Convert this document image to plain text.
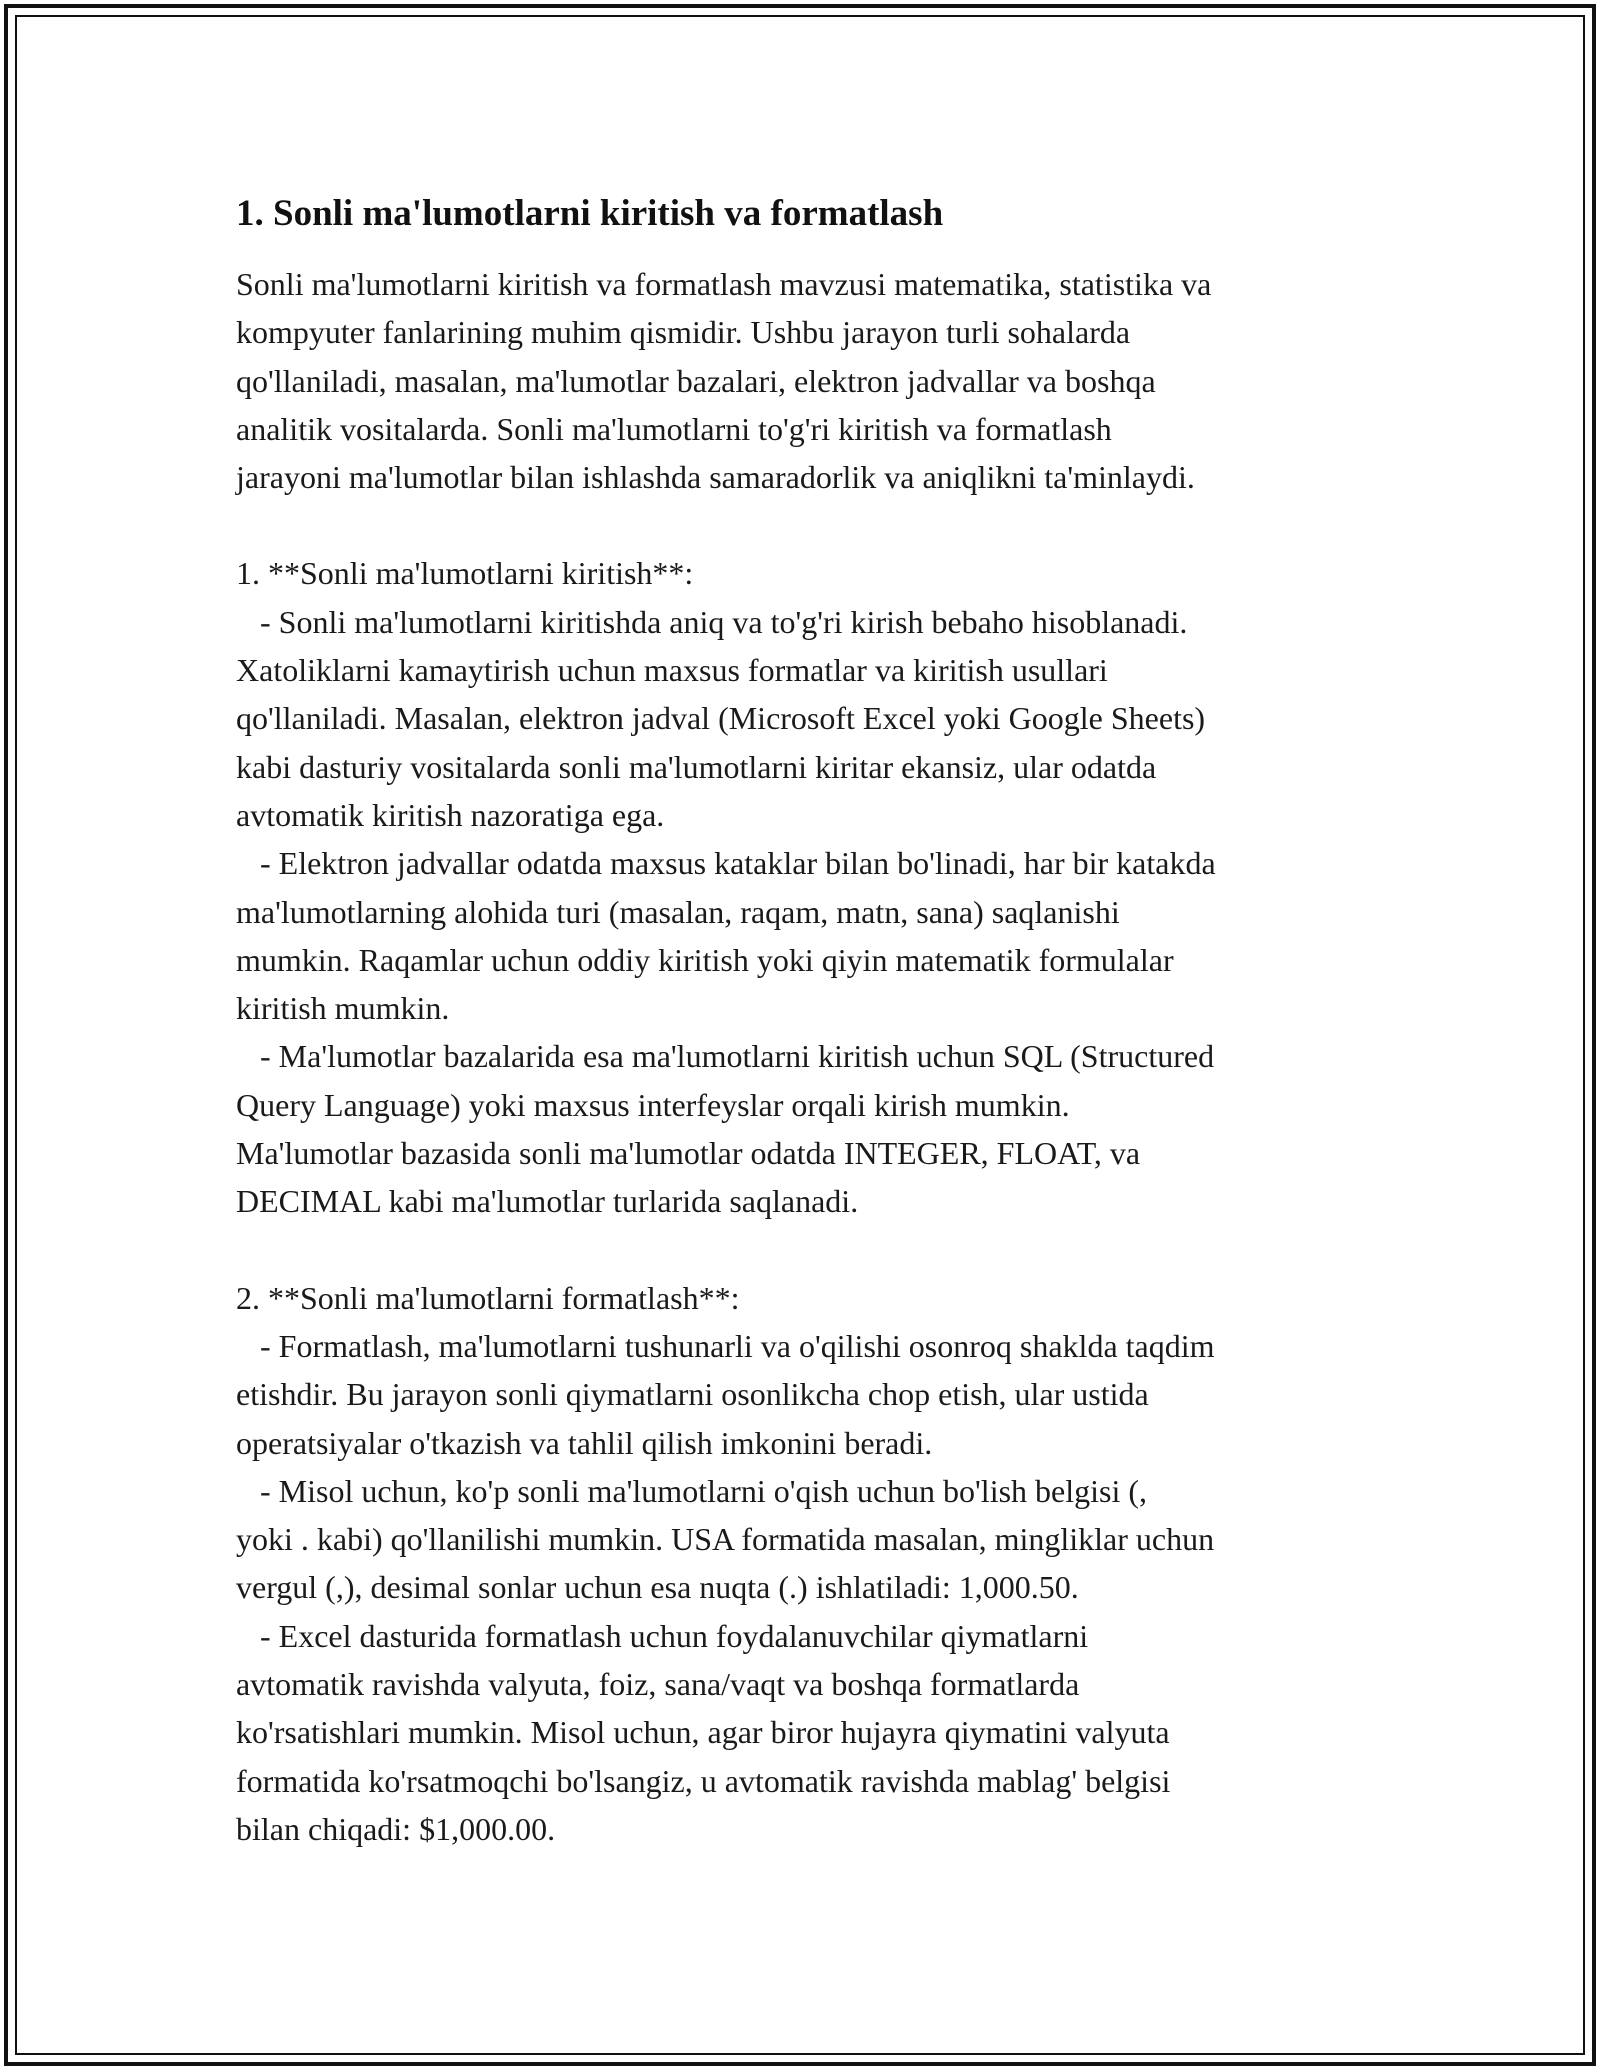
1. Sonli ma'lumotlarni kiritish va formatlash

Sonli ma'lumotlarni kiritish va formatlash mavzusi matematika, statistika va
kompyuter fanlarining muhim qismidir. Ushbu jarayon turli sohalarda
qo'llaniladi, masalan, ma'lumotlar bazalari, elektron jadvallar va boshqa
analitik vositalarda. Sonli ma'lumotlarni to'g'ri kiritish va formatlash
jarayoni ma'lumotlar bilan ishlashda samaradorlik va aniqlikni ta'minlaydi.

1. **Sonli ma'lumotlarni kiritish**:

- Sonli ma'lumotlarni kiritishda aniq va to'g'ri kirish bebaho hisoblanadi.
Xatoliklarni kamaytirish uchun maxsus formatlar va kiritish usullari
qo'llaniladi. Masalan, elektron jadval (Microsoft Excel yoki Google Sheets)
kabi dasturiy vositalarda sonli ma'lumotlarni kiritar ekansiz, ular odatda
avtomatik kiritish nazoratiga ega.

- Elektron jadvallar odatda maxsus kataklar bilan bo'linadi, har bir katakda
ma'lumotlarning alohida turi (masalan, raqam, matn, sana) saqlanishi
mumkin. Raqamlar uchun oddiy kiritish yoki qiyin matematik formulalar
kiritish mumkin.

- Ma'lumotlar bazalarida esa ma'lumotlarni kiritish uchun SQL (Structured
Query Language) yoki maxsus interfeyslar orqali kirish mumkin.
Ma'lumotlar bazasida sonli ma'lumotlar odatda INTEGER, FLOAT, va
DECIMAL kabi ma'lumotlar turlarida saqlanadi.

2. **Sonli ma'lumotlarni formatlash**:

- Formatlash, ma'lumotlarni tushunarli va o'qilishi osonroq shaklda taqdim
etishdir. Bu jarayon sonli qiymatlarni osonlikcha chop etish, ular ustida
operatsiyalar o'tkazish va tahlil qilish imkonini beradi.

- Misol uchun, ko'p sonli ma'lumotlarni o'qish uchun bo'lish belgisi (,
yoki . kabi) qo'llanilishi mumkin. USA formatida masalan, mingliklar uchun
vergul (,), desimal sonlar uchun esa nuqta (.) ishlatiladi: 1,000.50.

- Excel dasturida formatlash uchun foydalanuvchilar qiymatlarni
avtomatik ravishda valyuta, foiz, sana/vaqt va boshqa formatlarda
ko'rsatishlari mumkin. Misol uchun, agar biror hujayra qiymatini valyuta
formatida ko'rsatmoqchi bo'lsangiz, u avtomatik ravishda mablag' belgisi
bilan chiqadi: $1,000.00.
